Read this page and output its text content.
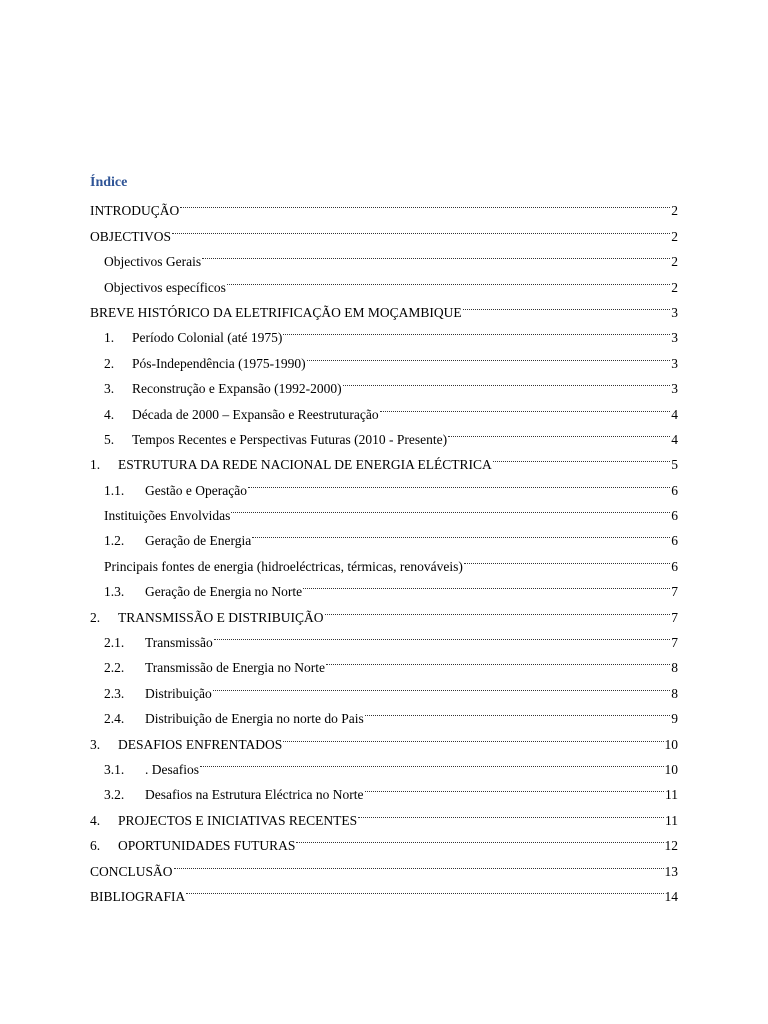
Índice
INTRODUÇÃO	2
OBJECTIVOS	2
Objectivos Gerais	2
Objectivos específicos	2
BREVE HISTÓRICO DA ELETRIFICAÇÃO EM MOÇAMBIQUE	3
1.	Período Colonial (até 1975)	3
2.	Pós-Independência (1975-1990)	3
3.	Reconstrução e Expansão (1992-2000)	3
4.	Década de 2000 – Expansão e Reestruturação	4
5.	Tempos Recentes e Perspectivas Futuras (2010 - Presente)	4
1.	ESTRUTURA DA REDE NACIONAL DE ENERGIA ELÉCTRICA	5
1.1.	Gestão e Operação	6
Instituições Envolvidas	6
1.2.	Geração de Energia	6
Principais fontes de energia (hidroeléctricas, térmicas, renováveis)	6
1.3.	Geração de Energia no Norte	7
2.	TRANSMISSÃO E DISTRIBUIÇÃO	7
2.1.	Transmissão	7
2.2.	Transmissão de Energia no Norte	8
2.3.	Distribuição	8
2.4.	Distribuição de Energia no norte do Pais	9
3.	DESAFIOS ENFRENTADOS	10
3.1.	. Desafios	10
3.2.	Desafios na Estrutura Eléctrica no Norte	11
4.	PROJECTOS E INICIATIVAS RECENTES	11
6.	OPORTUNIDADES FUTURAS	12
CONCLUSÃO	13
BIBLIOGRAFIA	14
